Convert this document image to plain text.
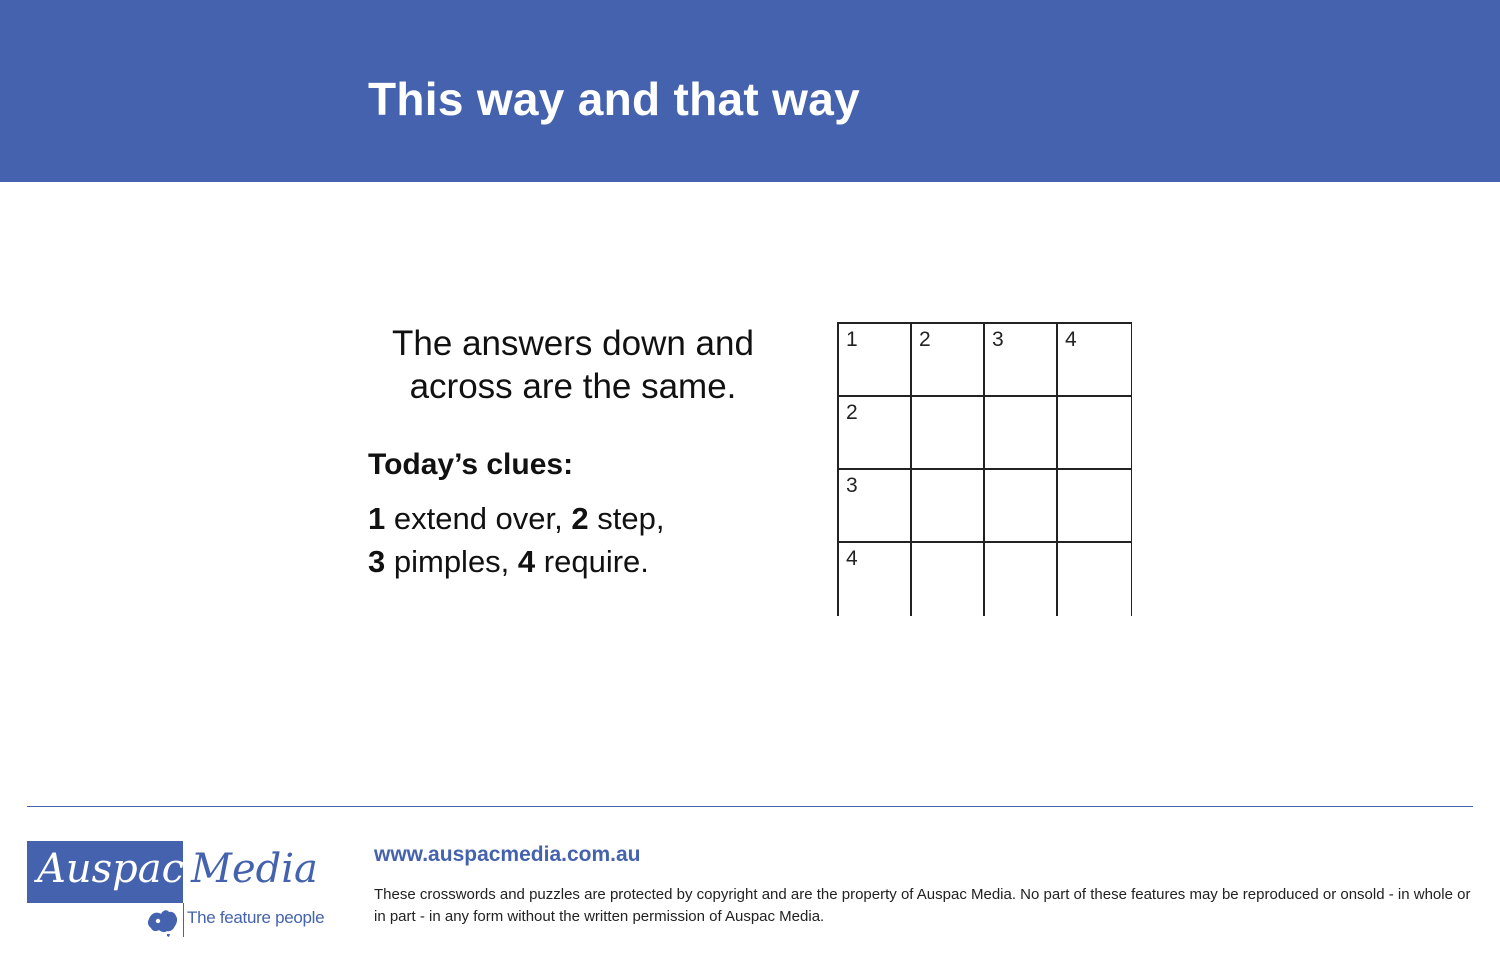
This way and that way
The answers down and across are the same.
Today’s clues:
1 extend over, 2 step,
3 pimples, 4 require.
1	2	3	4
2
3
4
Auspac Media
The feature people
www.auspacmedia.com.au
These crosswords and puzzles are protected by copyright and are the property of Auspac Media. No part of these features may be reproduced or onsold - in whole or in part - in any form without the written permission of Auspac Media.
